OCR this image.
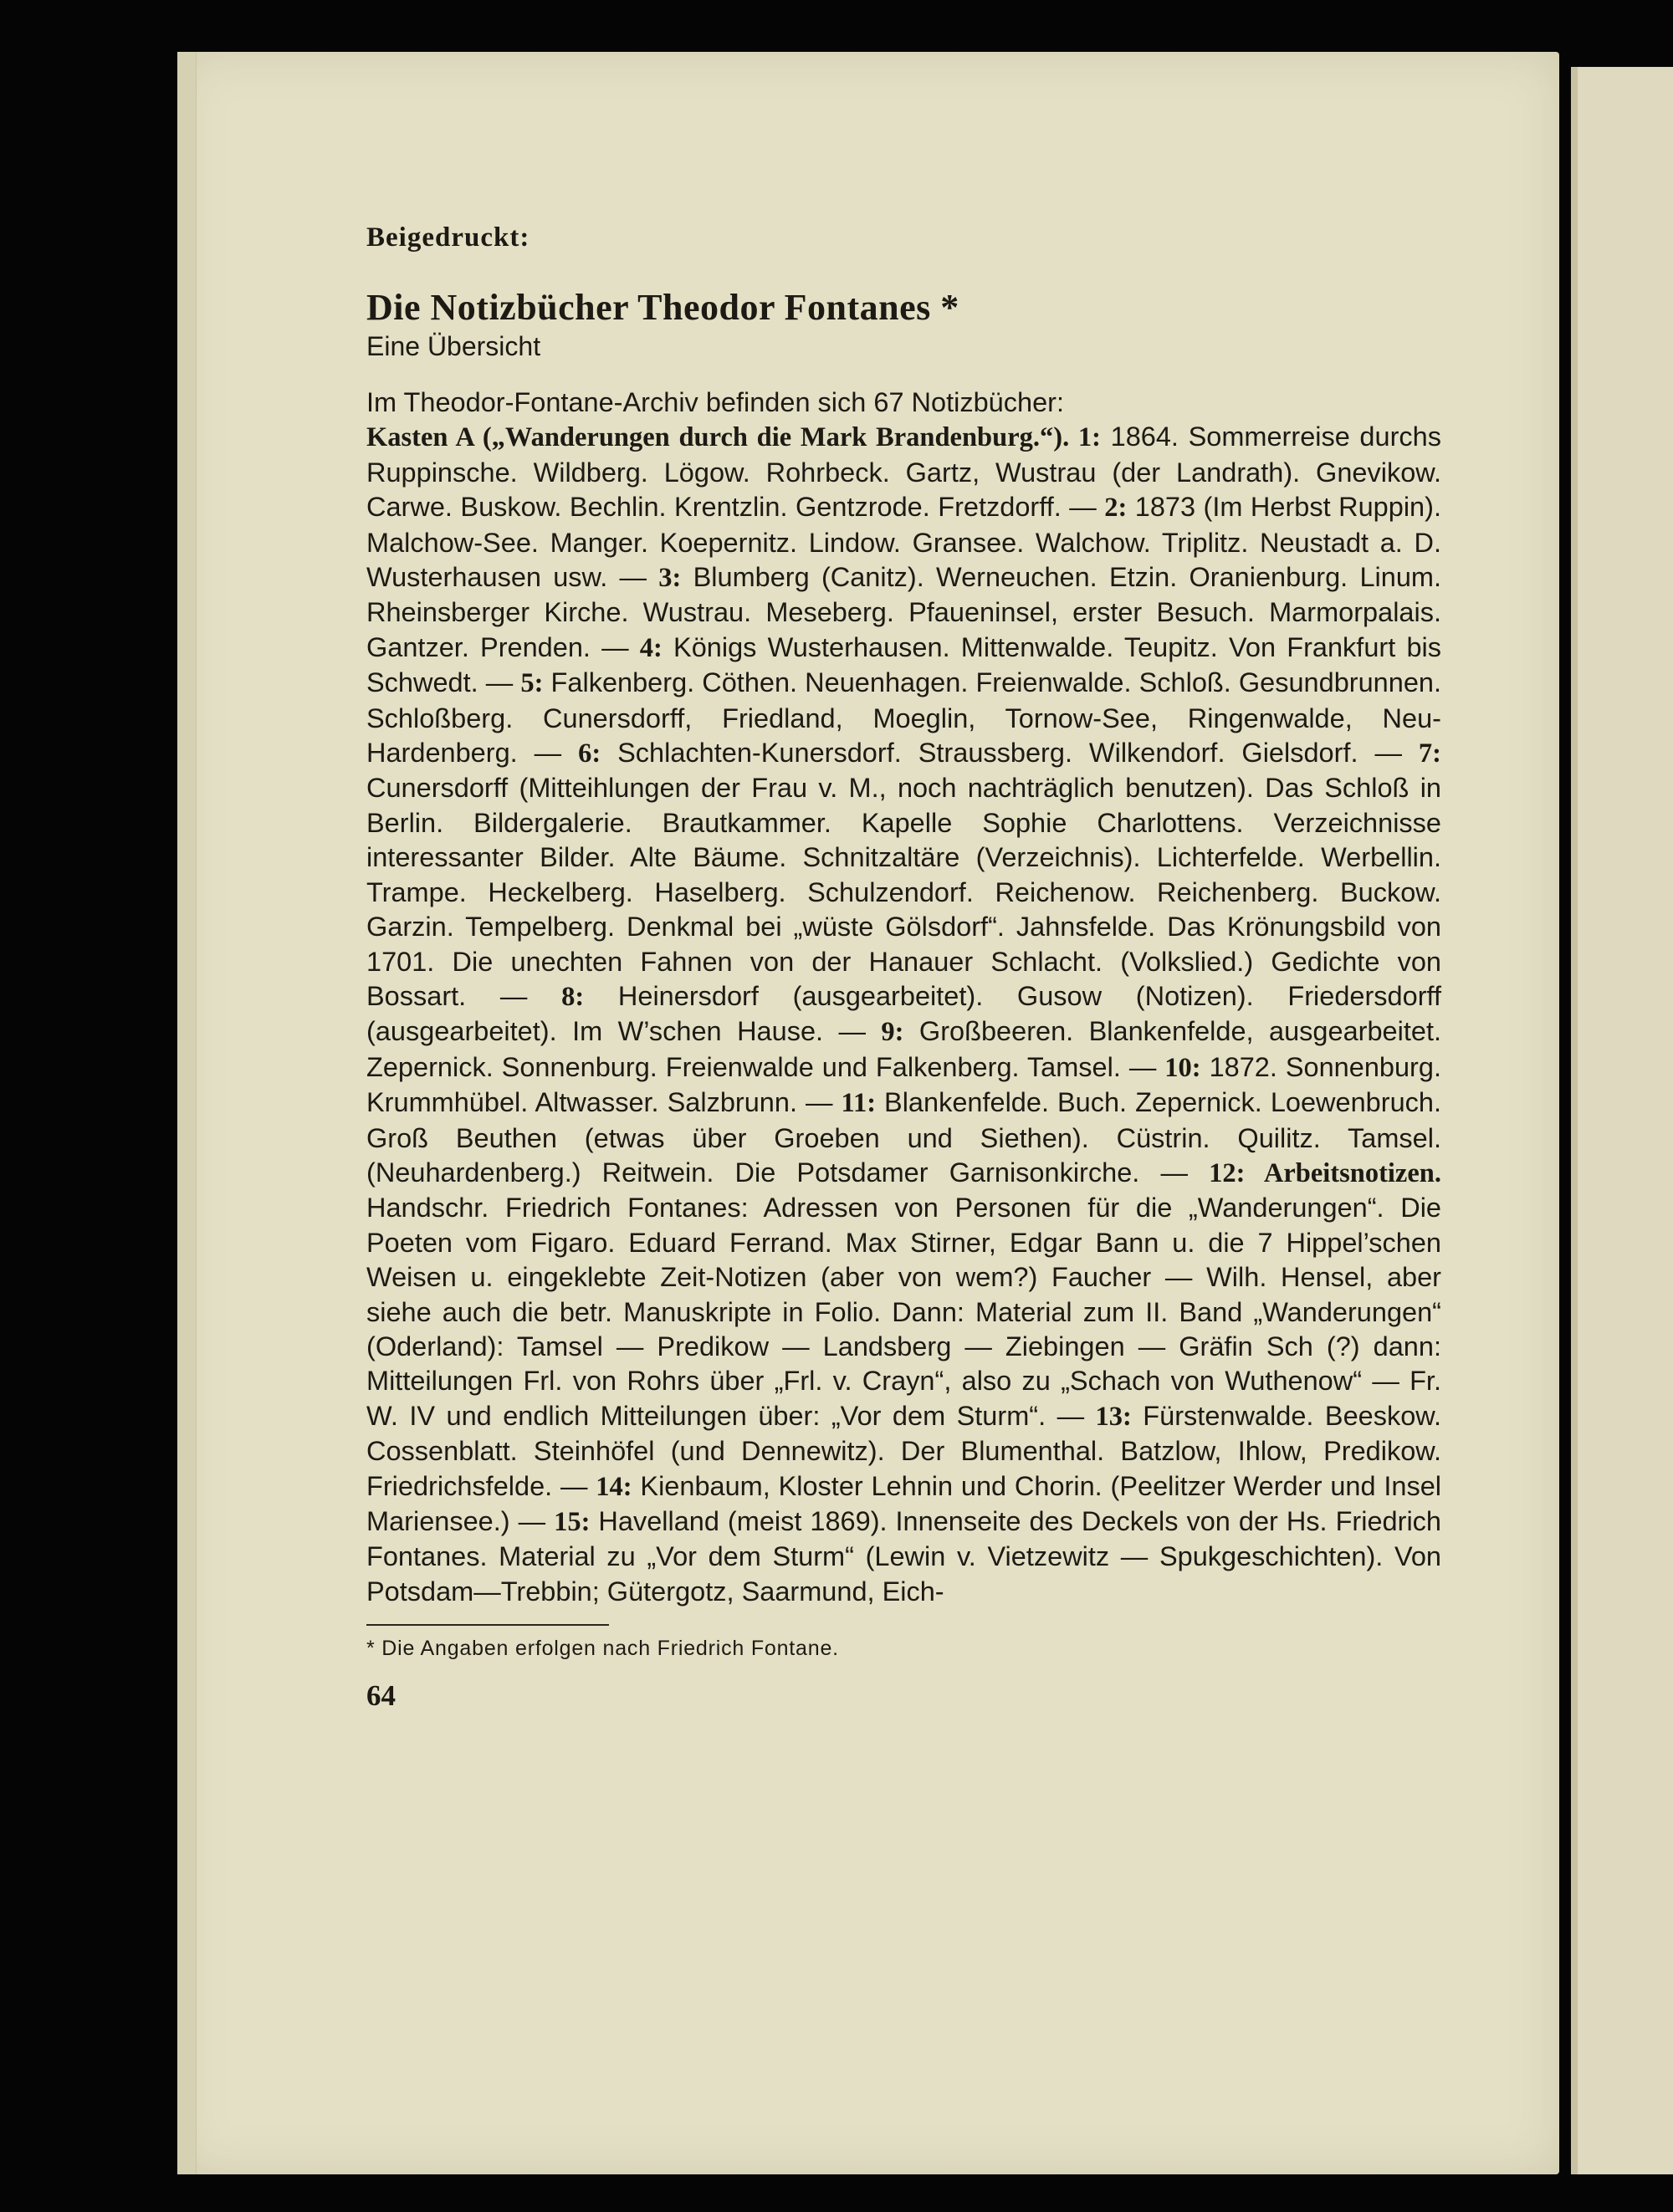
Beigedruckt:

Die Notizbücher Theodor Fontanes *

Eine Übersicht

Im Theodor-Fontane-Archiv befinden sich 67 Notizbücher:

Kasten A („Wanderungen durch die Mark Brandenburg.“). 1: 1864. Sommerreise durchs Ruppinsche. Wildberg. Lögow. Rohrbeck. Gartz, Wustrau (der Landrath). Gnevikow. Carwe. Buskow. Bechlin. Krentzlin. Gentzrode. Fretzdorff. — 2: 1873 (Im Herbst Ruppin). Malchow-See. Manger. Koepernitz. Lindow. Gransee. Walchow. Triplitz. Neustadt a. D. Wusterhausen usw. — 3: Blumberg (Canitz). Werneuchen. Etzin. Oranienburg. Linum. Rheinsberger Kirche. Wustrau. Meseberg. Pfaueninsel, erster Besuch. Marmorpalais. Gantzer. Prenden. — 4: Königs Wusterhausen. Mittenwalde. Teupitz. Von Frankfurt bis Schwedt. — 5: Falkenberg. Cöthen. Neuenhagen. Freienwalde. Schloß. Gesundbrunnen. Schloßberg. Cunersdorff, Friedland, Moeglin, Tornow-See, Ringenwalde, Neu-Hardenberg. — 6: Schlachten-Kunersdorf. Straussberg. Wilkendorf. Gielsdorf. — 7: Cunersdorff (Mitteihlungen der Frau v. M., noch nachträglich benutzen). Das Schloß in Berlin. Bildergalerie. Brautkammer. Kapelle Sophie Charlottens. Verzeichnisse interessanter Bilder. Alte Bäume. Schnitzaltäre (Verzeichnis). Lichterfelde. Werbellin. Trampe. Heckelberg. Haselberg. Schulzendorf. Reichenow. Reichenberg. Buckow. Garzin. Tempelberg. Denkmal bei „wüste Gölsdorf“. Jahnsfelde. Das Krönungsbild von 1701. Die unechten Fahnen von der Hanauer Schlacht. (Volkslied.) Gedichte von Bossart. — 8: Heinersdorf (ausgearbeitet). Gusow (Notizen). Friedersdorff (ausgearbeitet). Im W’schen Hause. — 9: Großbeeren. Blankenfelde, ausgearbeitet. Zepernick. Sonnenburg. Freienwalde und Falkenberg. Tamsel. — 10: 1872. Sonnenburg. Krummhübel. Altwasser. Salzbrunn. — 11: Blankenfelde. Buch. Zepernick. Loewenbruch. Groß Beuthen (etwas über Groeben und Siethen). Cüstrin. Quilitz. Tamsel. (Neuhardenberg.) Reitwein. Die Potsdamer Garnisonkirche. — 12: Arbeitsnotizen. Handschr. Friedrich Fontanes: Adressen von Personen für die „Wanderungen“. Die Poeten vom Figaro. Eduard Ferrand. Max Stirner, Edgar Bann u. die 7 Hippel’schen Weisen u. eingeklebte Zeit-Notizen (aber von wem?) Faucher — Wilh. Hensel, aber siehe auch die betr. Manuskripte in Folio. Dann: Material zum II. Band „Wanderungen“ (Oderland): Tamsel — Predikow — Landsberg — Ziebingen — Gräfin Sch (?) dann: Mitteilungen Frl. von Rohrs über „Frl. v. Crayn“, also zu „Schach von Wuthenow“ — Fr. W. IV und endlich Mitteilungen über: „Vor dem Sturm“. — 13: Fürstenwalde. Beeskow. Cossenblatt. Steinhöfel (und Dennewitz). Der Blumenthal. Batzlow, Ihlow, Predikow. Friedrichsfelde. — 14: Kienbaum, Kloster Lehnin und Chorin. (Peelitzer Werder und Insel Mariensee.) — 15: Havelland (meist 1869). Innenseite des Deckels von der Hs. Friedrich Fontanes. Material zu „Vor dem Sturm“ (Lewin v. Vietzewitz — Spukgeschichten). Von Potsdam—Trebbin; Gütergotz, Saarmund, Eich-

* Die Angaben erfolgen nach Friedrich Fontane.
64
